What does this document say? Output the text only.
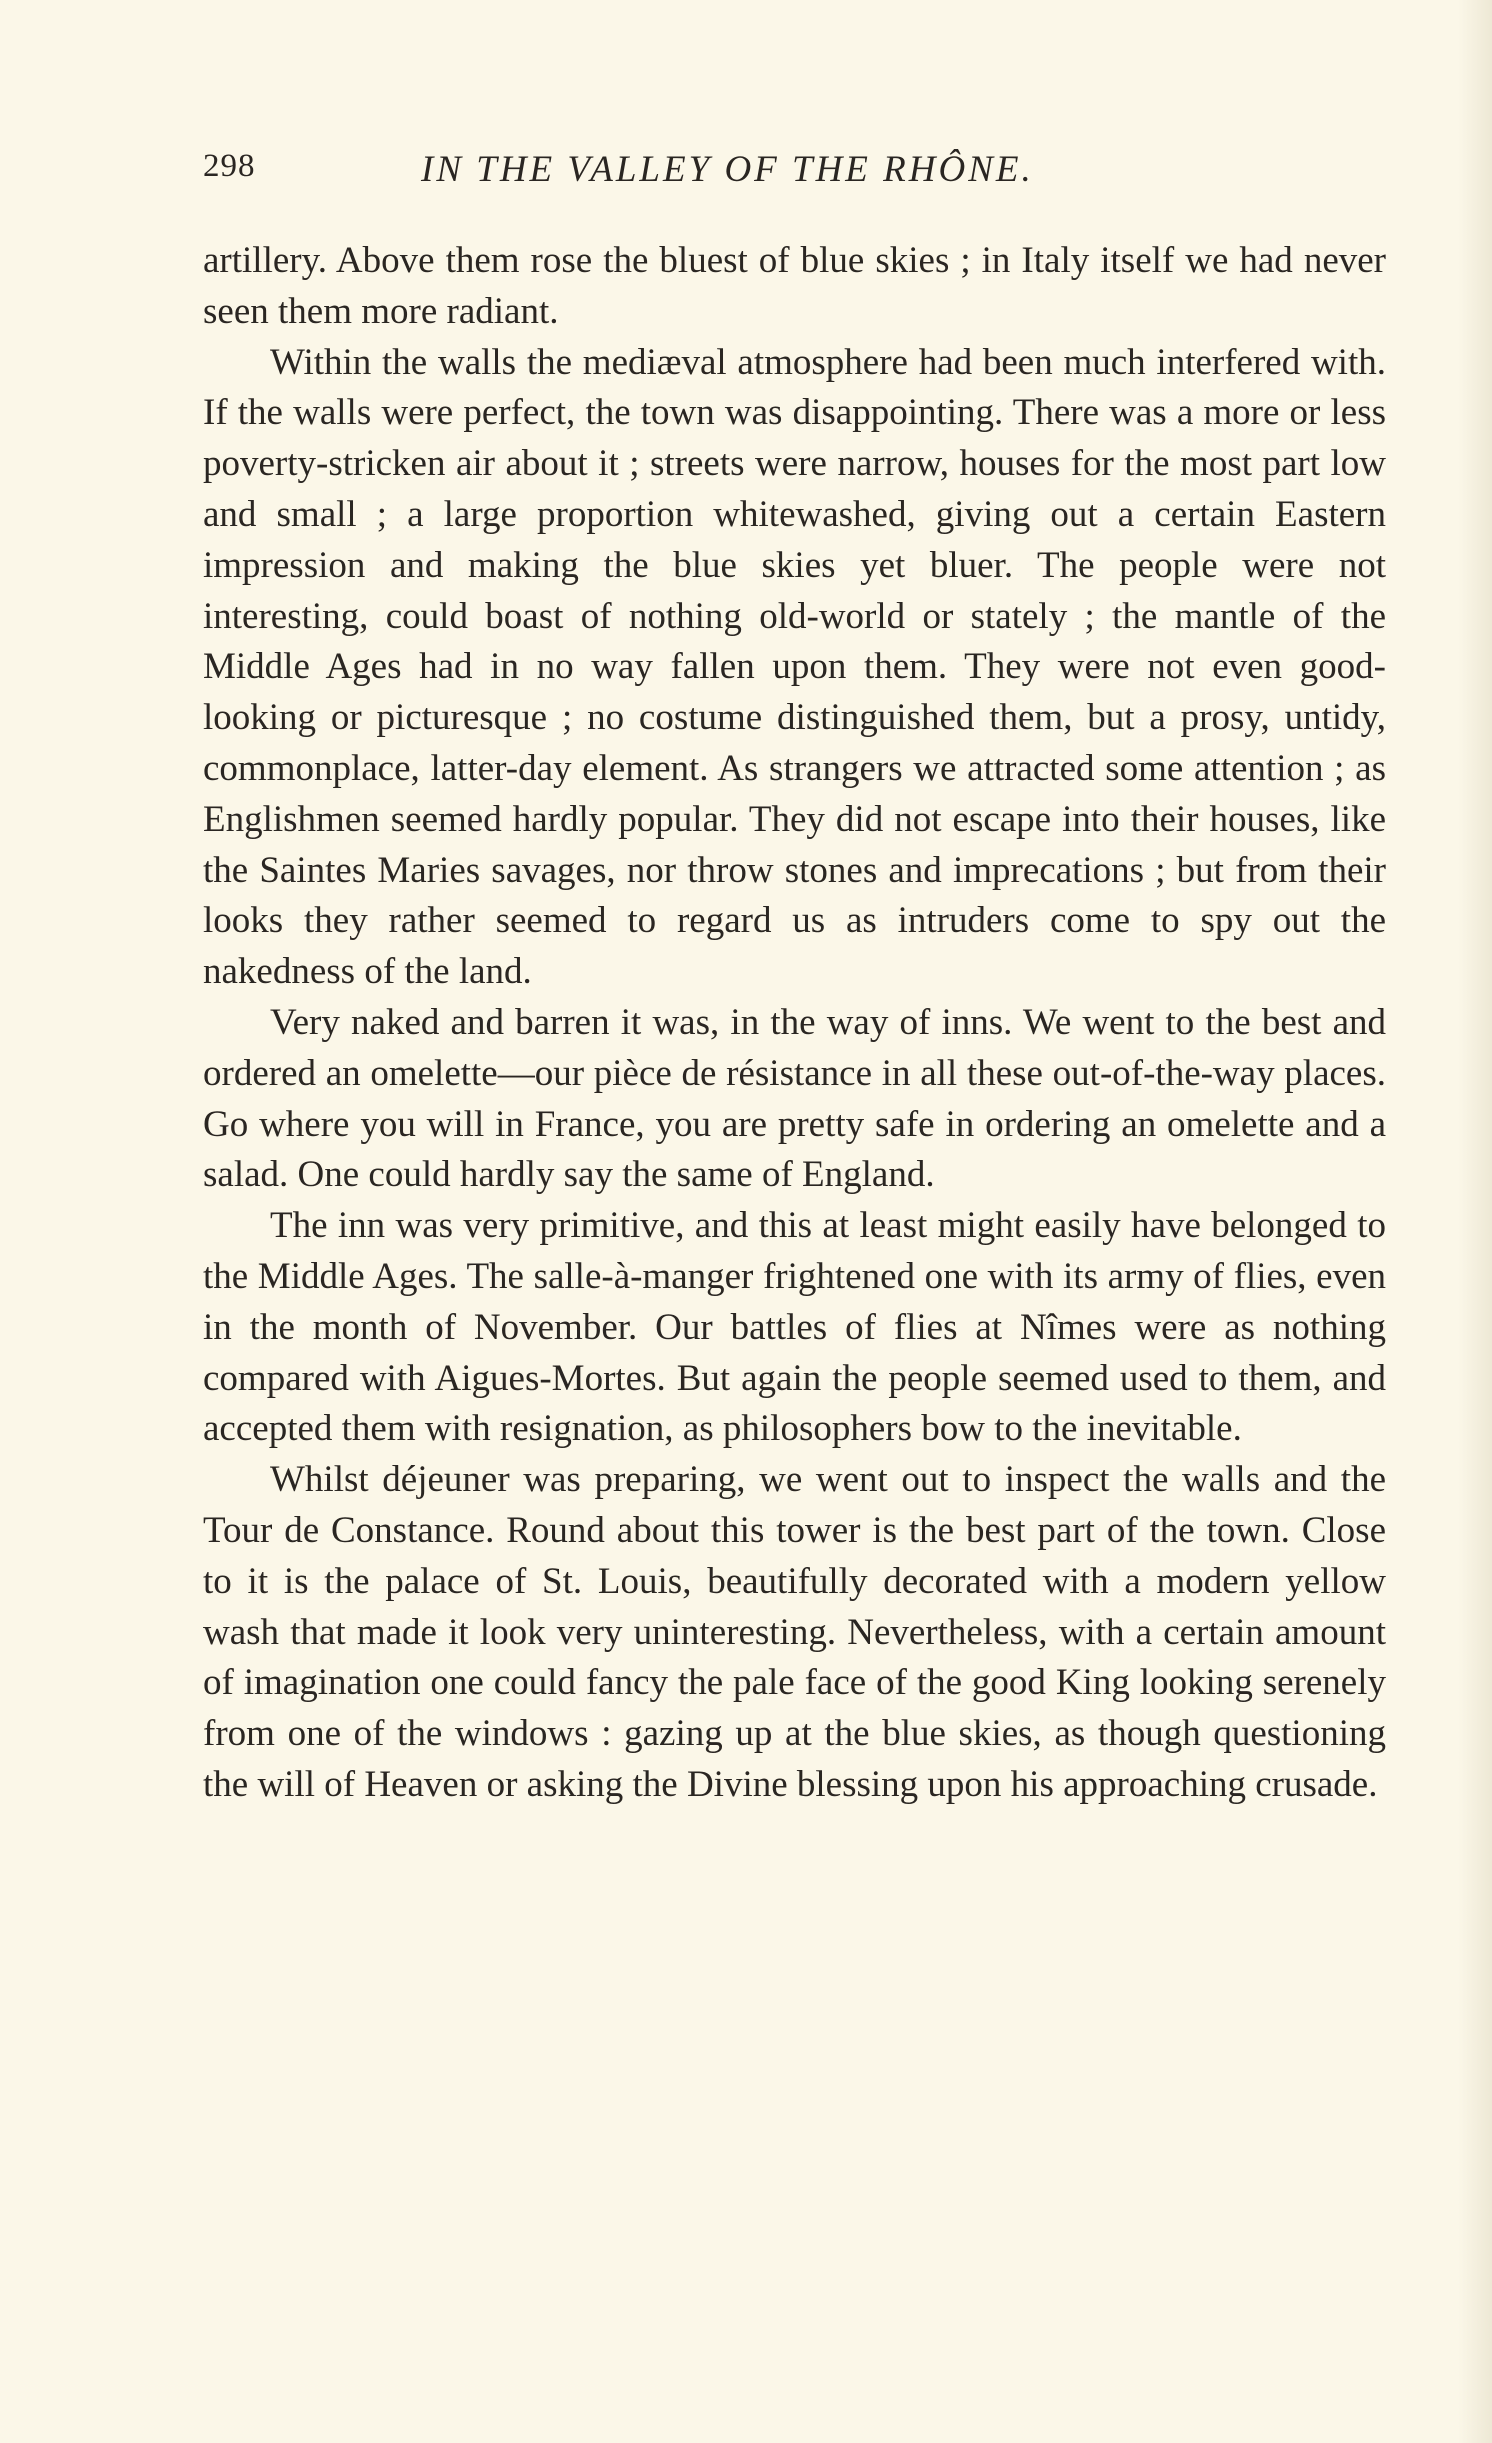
298	IN THE VALLEY OF THE RHÔNE.

artillery. Above them rose the bluest of blue skies ; in Italy itself we had never seen them more radiant.

Within the walls the mediæval atmosphere had been much interfered with. If the walls were perfect, the town was disappointing. There was a more or less poverty-stricken air about it ; streets were narrow, houses for the most part low and small ; a large proportion whitewashed, giving out a certain Eastern impression and making the blue skies yet bluer. The people were not interesting, could boast of nothing old-world or stately ; the mantle of the Middle Ages had in no way fallen upon them. They were not even good-looking or picturesque ; no costume distinguished them, but a prosy, untidy, commonplace, latter-day element. As strangers we attracted some attention ; as Englishmen seemed hardly popular. They did not escape into their houses, like the Saintes Maries savages, nor throw stones and imprecations ; but from their looks they rather seemed to regard us as intruders come to spy out the nakedness of the land.

Very naked and barren it was, in the way of inns. We went to the best and ordered an omelette—our pièce de résistance in all these out-of-the-way places. Go where you will in France, you are pretty safe in ordering an omelette and a salad. One could hardly say the same of England.

The inn was very primitive, and this at least might easily have belonged to the Middle Ages. The salle-à-manger frightened one with its army of flies, even in the month of November. Our battles of flies at Nîmes were as nothing compared with Aigues-Mortes. But again the people seemed used to them, and accepted them with resignation, as philosophers bow to the inevitable.

Whilst déjeuner was preparing, we went out to inspect the walls and the Tour de Constance. Round about this tower is the best part of the town. Close to it is the palace of St. Louis, beautifully decorated with a modern yellow wash that made it look very uninteresting. Nevertheless, with a certain amount of imagination one could fancy the pale face of the good King looking serenely from one of the windows : gazing up at the blue skies, as though questioning the will of Heaven or asking the Divine blessing upon his approaching crusade.
